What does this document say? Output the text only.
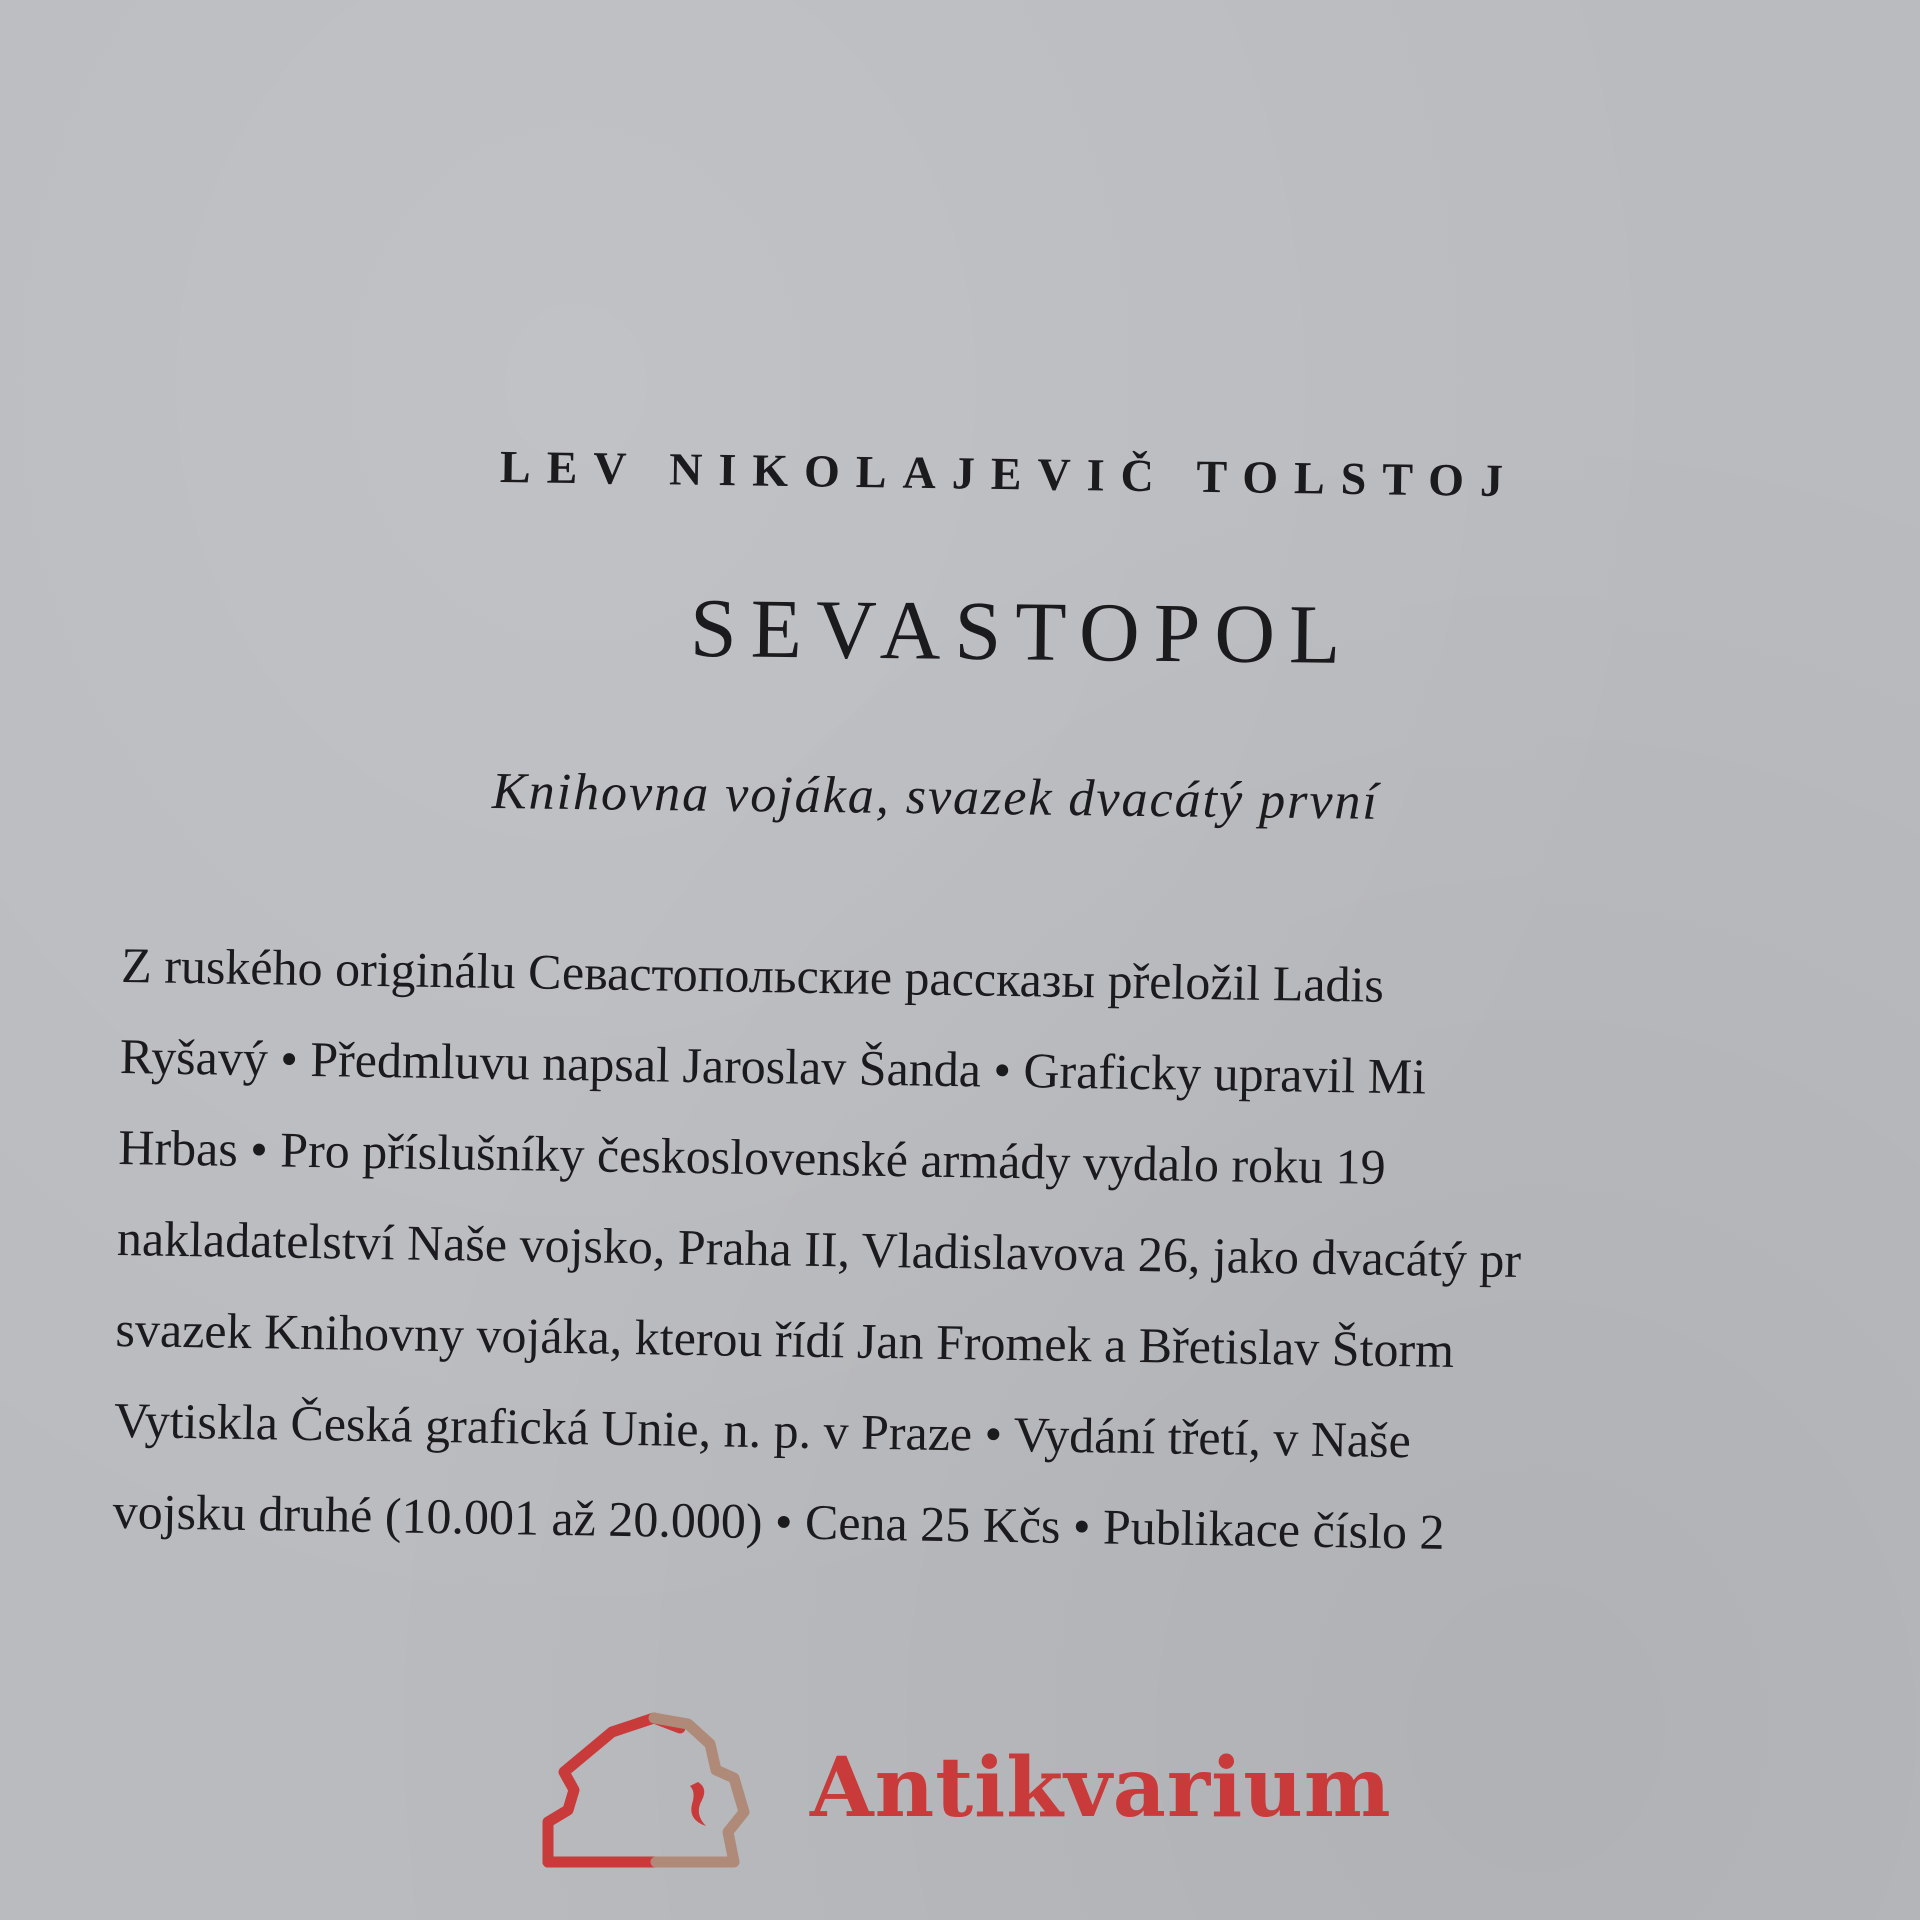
LEV NIKOLAJEVIČ TOLSTOJ
SEVASTOPOL
Knihovna vojáka, svazek dvacátý první
Z ruského originálu Севастопольские рассказы přeložil Ladis
Ryšavý • Předmluvu napsal Jaroslav Šanda • Graficky upravil Mi
Hrbas • Pro příslušníky československé armády vydalo roku 19
nakladatelství Naše vojsko, Praha II, Vladislavova 26, jako dvacátý pr
svazek Knihovny vojáka, kterou řídí Jan Fromek a Břetislav Štorm
Vytiskla Česká grafická Unie, n. p. v Praze • Vydání třetí, v Naše
vojsku druhé (10.001 až 20.000) • Cena 25 Kčs • Publikace číslo 2
Antikvarium
